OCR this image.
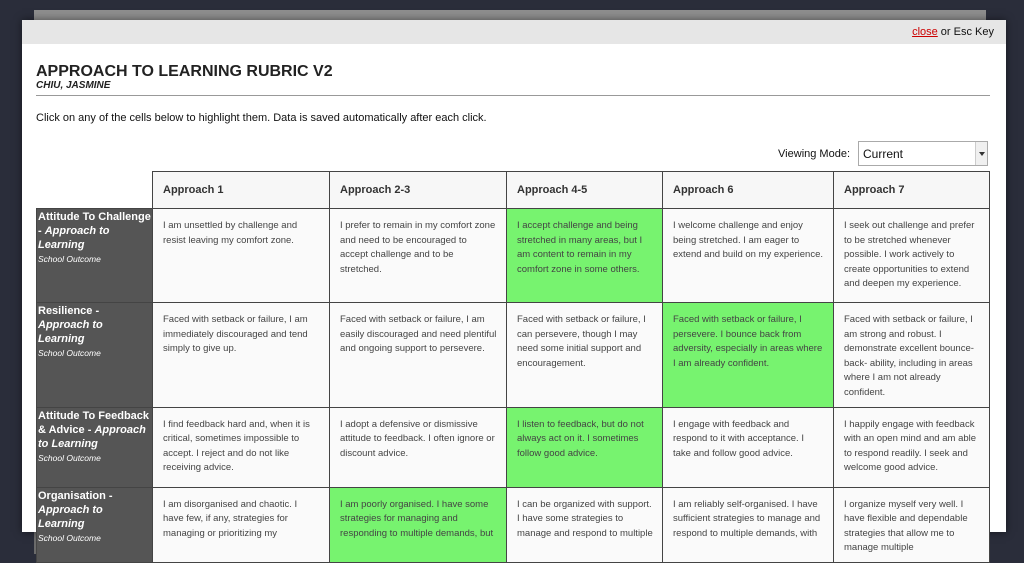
close or Esc Key
APPROACH TO LEARNING RUBRIC V2
CHIU, JASMINE
Click on any of the cells below to highlight them. Data is saved automatically after each click.
Viewing Mode: Current
	Approach 1	Approach 2-3	Approach 4-5	Approach 6	Approach 7

Attitude To Challenge - Approach to Learning
School Outcome	I am unsettled by challenge and resist leaving my comfort zone.	I prefer to remain in my comfort zone and need to be encouraged to accept challenge and to be stretched.	I accept challenge and being stretched in many areas, but I am content to remain in my comfort zone in some others.	I welcome challenge and enjoy being stretched. I am eager to extend and build on my experience.	I seek out challenge and prefer to be stretched whenever possible. I work actively to create opportunities to extend and deepen my experience.

Resilience - Approach to Learning
School Outcome	Faced with setback or failure, I am immediately discouraged and tend simply to give up.	Faced with setback or failure, I am easily discouraged and need plentiful and ongoing support to persevere.	Faced with setback or failure, I can persevere, though I may need some initial support and encouragement.	Faced with setback or failure, I persevere. I bounce back from adversity, especially in areas where I am already confident.	Faced with setback or failure, I am strong and robust. I demonstrate excellent bounce-back- ability, including in areas where I am not already confident.

Attitude To Feedback & Advice - Approach to Learning
School Outcome	I find feedback hard and, when it is critical, sometimes impossible to accept. I reject and do not like receiving advice.	I adopt a defensive or dismissive attitude to feedback. I often ignore or discount advice.	I listen to feedback, but do not always act on it. I sometimes follow good advice.	I engage with feedback and respond to it with acceptance. I take and follow good advice.	I happily engage with feedback with an open mind and am able to respond readily. I seek and welcome good advice.

Organisation - Approach to Learning
School Outcome	I am disorganised and chaotic. I have few, if any, strategies for managing or prioritizing my	I am poorly organised. I have some strategies for managing and responding to multiple demands, but	I can be organized with support. I have some strategies to manage and respond to multiple	I am reliably self-organised. I have sufficient strategies to manage and respond to multiple demands, with	I organize myself very well. I have flexible and dependable strategies that allow me to manage multiple
